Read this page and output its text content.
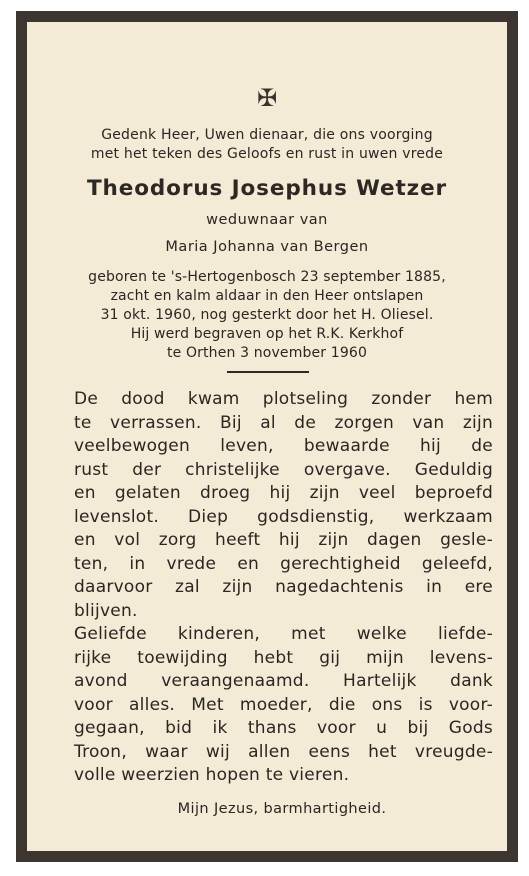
✠
Gedenk Heer, Uwen dienaar, die ons voorging
met het teken des Geloofs en rust in uwen vrede
Theodorus Josephus Wetzer
weduwnaar van
Maria Johanna van Bergen
geboren te 's-Hertogenbosch 23 september 1885,
zacht en kalm aldaar in den Heer ontslapen
31 okt. 1960, nog gesterkt door het H. Oliesel.
Hij werd begraven op het R.K. Kerkhof
te Orthen 3 november 1960
De dood kwam plotseling zonder hem
te verrassen. Bij al de zorgen van zijn
veelbewogen leven, bewaarde hij de
rust der christelijke overgave. Geduldig
en gelaten droeg hij zijn veel beproefd
levenslot. Diep godsdienstig, werkzaam
en vol zorg heeft hij zijn dagen gesle-
ten, in vrede en gerechtigheid geleefd,
daarvoor zal zijn nagedachtenis in ere
blijven.
Geliefde kinderen, met welke liefde-
rijke toewijding hebt gij mijn levens-
avond veraangenaamd. Hartelijk dank
voor alles. Met moeder, die ons is voor-
gegaan, bid ik thans voor u bij Gods
Troon, waar wij allen eens het vreugde-
volle weerzien hopen te vieren.
Mijn Jezus, barmhartigheid.
